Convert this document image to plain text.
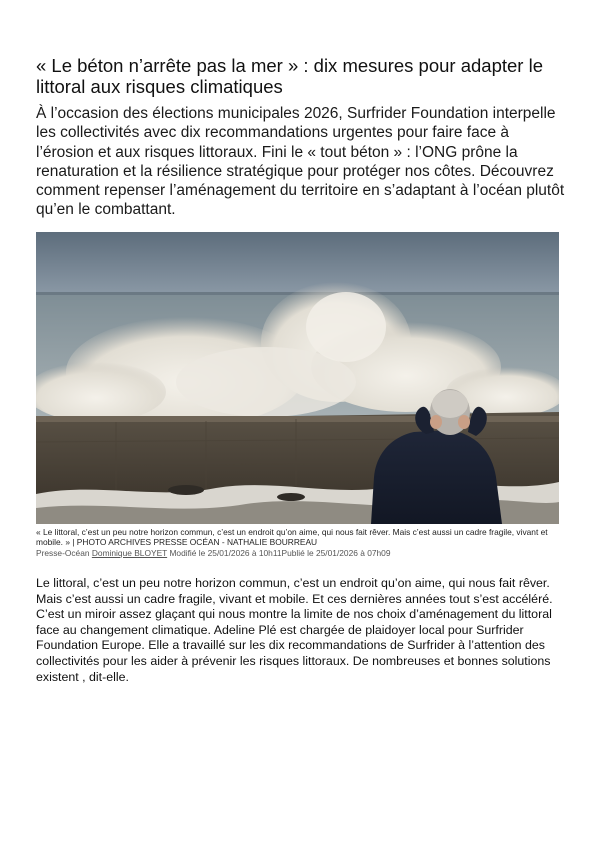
« Le béton n’arrête pas la mer » : dix mesures pour adapter le littoral aux risques climatiques

À l’occasion des élections municipales 2026, Surfrider Foundation interpelle les collectivités avec dix recommandations urgentes pour faire face à l’érosion et aux risques littoraux. Fini le « tout béton » : l’ONG prône la renaturation et la résilience stratégique pour protéger nos côtes. Découvrez comment repenser l’aménagement du territoire en s’adaptant à l’océan plutôt qu’en le combattant.

« Le littoral, c’est un peu notre horizon commun, c’est un endroit qu’on aime, qui nous fait rêver. Mais c’est aussi un cadre fragile, vivant et mobile. » | PHOTO ARCHIVES PRESSE OCÉAN - NATHALIE BOURREAU

Presse-Océan Dominique BLOYET Modifié le 25/01/2026 à 10h11Publié le 25/01/2026 à 07h09

Le littoral, c’est un peu notre horizon commun, c’est un endroit qu’on aime, qui nous fait rêver. Mais c’est aussi un cadre fragile, vivant et mobile. Et ces dernières années tout s’est accéléré. C’est un miroir assez glaçant qui nous montre la limite de nos choix d’aménagement du littoral face au changement climatique. Adeline Plé est chargée de plaidoyer local pour Surfrider Foundation Europe. Elle a travaillé sur les dix recommandations de Surfrider à l’attention des collectivités pour les aider à prévenir les risques littoraux. De nombreuses et bonnes solutions existent , dit-elle.
